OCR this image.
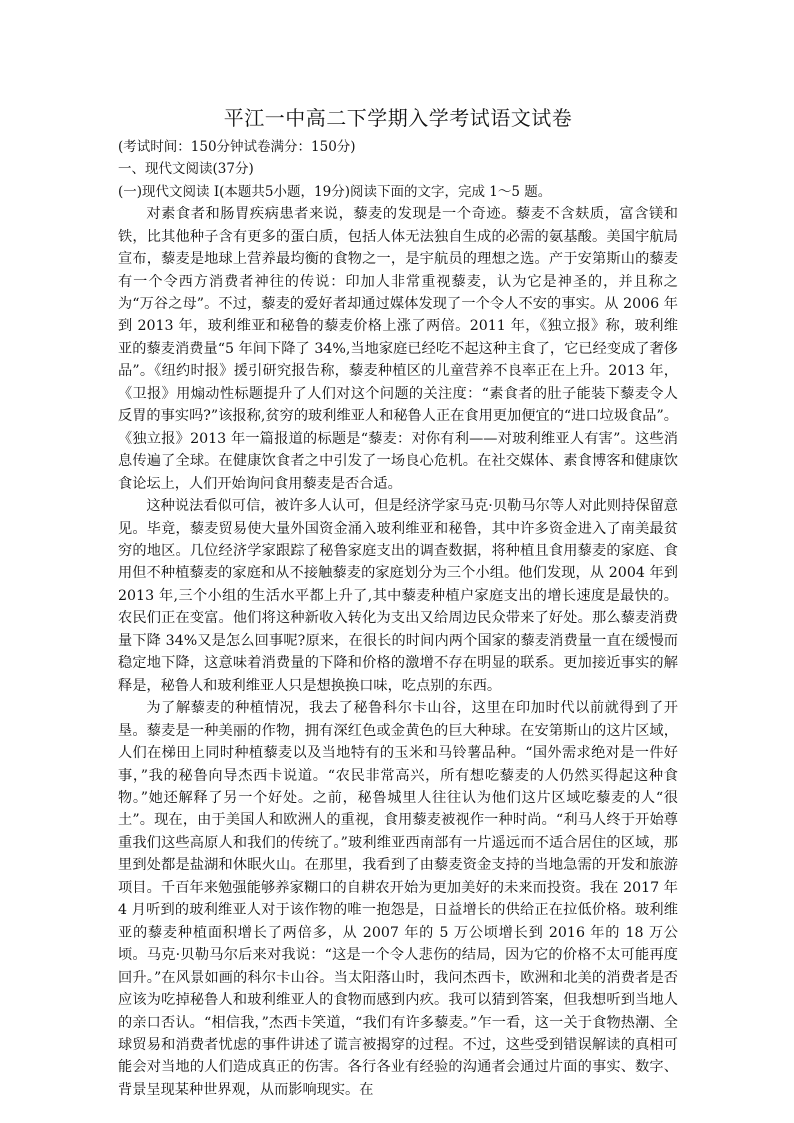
平江一中高二下学期入学考试语文试卷

(考试时间：150分钟试卷满分：150分)

一、现代文阅读(37分)

(一)现代文阅读 I(本题共5小题，19分)阅读下面的文字，完成 1～5 题。

对素食者和肠胃疾病患者来说，藜麦的发现是一个奇迹。藜麦不含麸质，富含镁和铁，比其他种子含有更多的蛋白质，包括人体无法独自生成的必需的氨基酸。美国宇航局宣布，藜麦是地球上营养最均衡的食物之一，是宇航员的理想之选。产于安第斯山的藜麦有一个令西方消费者神往的传说：印加人非常重视藜麦，认为它是神圣的，并且称之为“万谷之母”。不过，藜麦的爱好者却通过媒体发现了一个令人不安的事实。从 2006 年到 2013 年，玻利维亚和秘鲁的藜麦价格上涨了两倍。2011 年，《独立报》称，玻利维亚的藜麦消费量“5 年间下降了 34%,当地家庭已经吃不起这种主食了，它已经变成了奢侈品”。《纽约时报》援引研究报告称，藜麦种植区的儿童营养不良率正在上升。2013 年，《卫报》用煽动性标题提升了人们对这个问题的关注度：“素食者的肚子能装下藜麦令人反胃的事实吗?”该报称,贫穷的玻利维亚人和秘鲁人正在食用更加便宜的“进口垃圾食品”。《独立报》2013 年一篇报道的标题是“藜麦：对你有利——对玻利维亚人有害”。这些消息传遍了全球。在健康饮食者之中引发了一场良心危机。在社交媒体、素食博客和健康饮食论坛上，人们开始询问食用藜麦是否合适。

这种说法看似可信，被许多人认可，但是经济学家马克·贝勒马尔等人对此则持保留意见。毕竟，藜麦贸易使大量外国资金涌入玻利维亚和秘鲁，其中许多资金进入了南美最贫穷的地区。几位经济学家跟踪了秘鲁家庭支出的调查数据，将种植且食用藜麦的家庭、食用但不种植藜麦的家庭和从不接触藜麦的家庭划分为三个小组。他们发现，从 2004 年到 2013 年,三个小组的生活水平都上升了,其中藜麦种植户家庭支出的增长速度是最快的。农民们正在变富。他们将这种新收入转化为支出又给周边民众带来了好处。那么藜麦消费量下降 34%又是怎么回事呢?原来，在很长的时间内两个国家的藜麦消费量一直在缓慢而稳定地下降，这意味着消费量的下降和价格的激增不存在明显的联系。更加接近事实的解释是，秘鲁人和玻利维亚人只是想换换口味，吃点别的东西。

为了解藜麦的种植情况，我去了秘鲁科尔卡山谷，这里在印加时代以前就得到了开垦。藜麦是一种美丽的作物，拥有深红色或金黄色的巨大种球。在安第斯山的这片区域，人们在梯田上同时种植藜麦以及当地特有的玉米和马铃薯品种。“国外需求绝对是一件好事，”我的秘鲁向导杰西卡说道。“农民非常高兴，所有想吃藜麦的人仍然买得起这种食物。”她还解释了另一个好处。之前，秘鲁城里人往往认为他们这片区域吃藜麦的人“很土”。现在，由于美国人和欧洲人的重视，食用藜麦被视作一种时尚。“利马人终于开始尊重我们这些高原人和我们的传统了。”玻利维亚西南部有一片遥远而不适合居住的区域，那里到处都是盐湖和休眠火山。在那里，我看到了由藜麦资金支持的当地急需的开发和旅游项目。千百年来勉强能够养家糊口的自耕农开始为更加美好的未来而投资。我在 2017 年 4 月听到的玻利维亚人对于该作物的唯一抱怨是，日益增长的供给正在拉低价格。玻利维亚的藜麦种植面积增长了两倍多，从 2007 年的 5 万公顷增长到 2016 年的 18 万公顷。马克·贝勒马尔后来对我说：“这是一个令人悲伤的结局，因为它的价格不太可能再度回升。”在风景如画的科尔卡山谷。当太阳落山时，我问杰西卡，欧洲和北美的消费者是否应该为吃掉秘鲁人和玻利维亚人的食物而感到内疚。我可以猜到答案，但我想听到当地人的亲口否认。“相信我，”杰西卡笑道，“我们有许多藜麦。”乍一看，这一关于食物热潮、全球贸易和消费者忧虑的事件讲述了谎言被揭穿的过程。不过，这些受到错误解读的真相可能会对当地的人们造成真正的伤害。各行各业有经验的沟通者会通过片面的事实、数字、背景呈现某种世界观，从而影响现实。在
